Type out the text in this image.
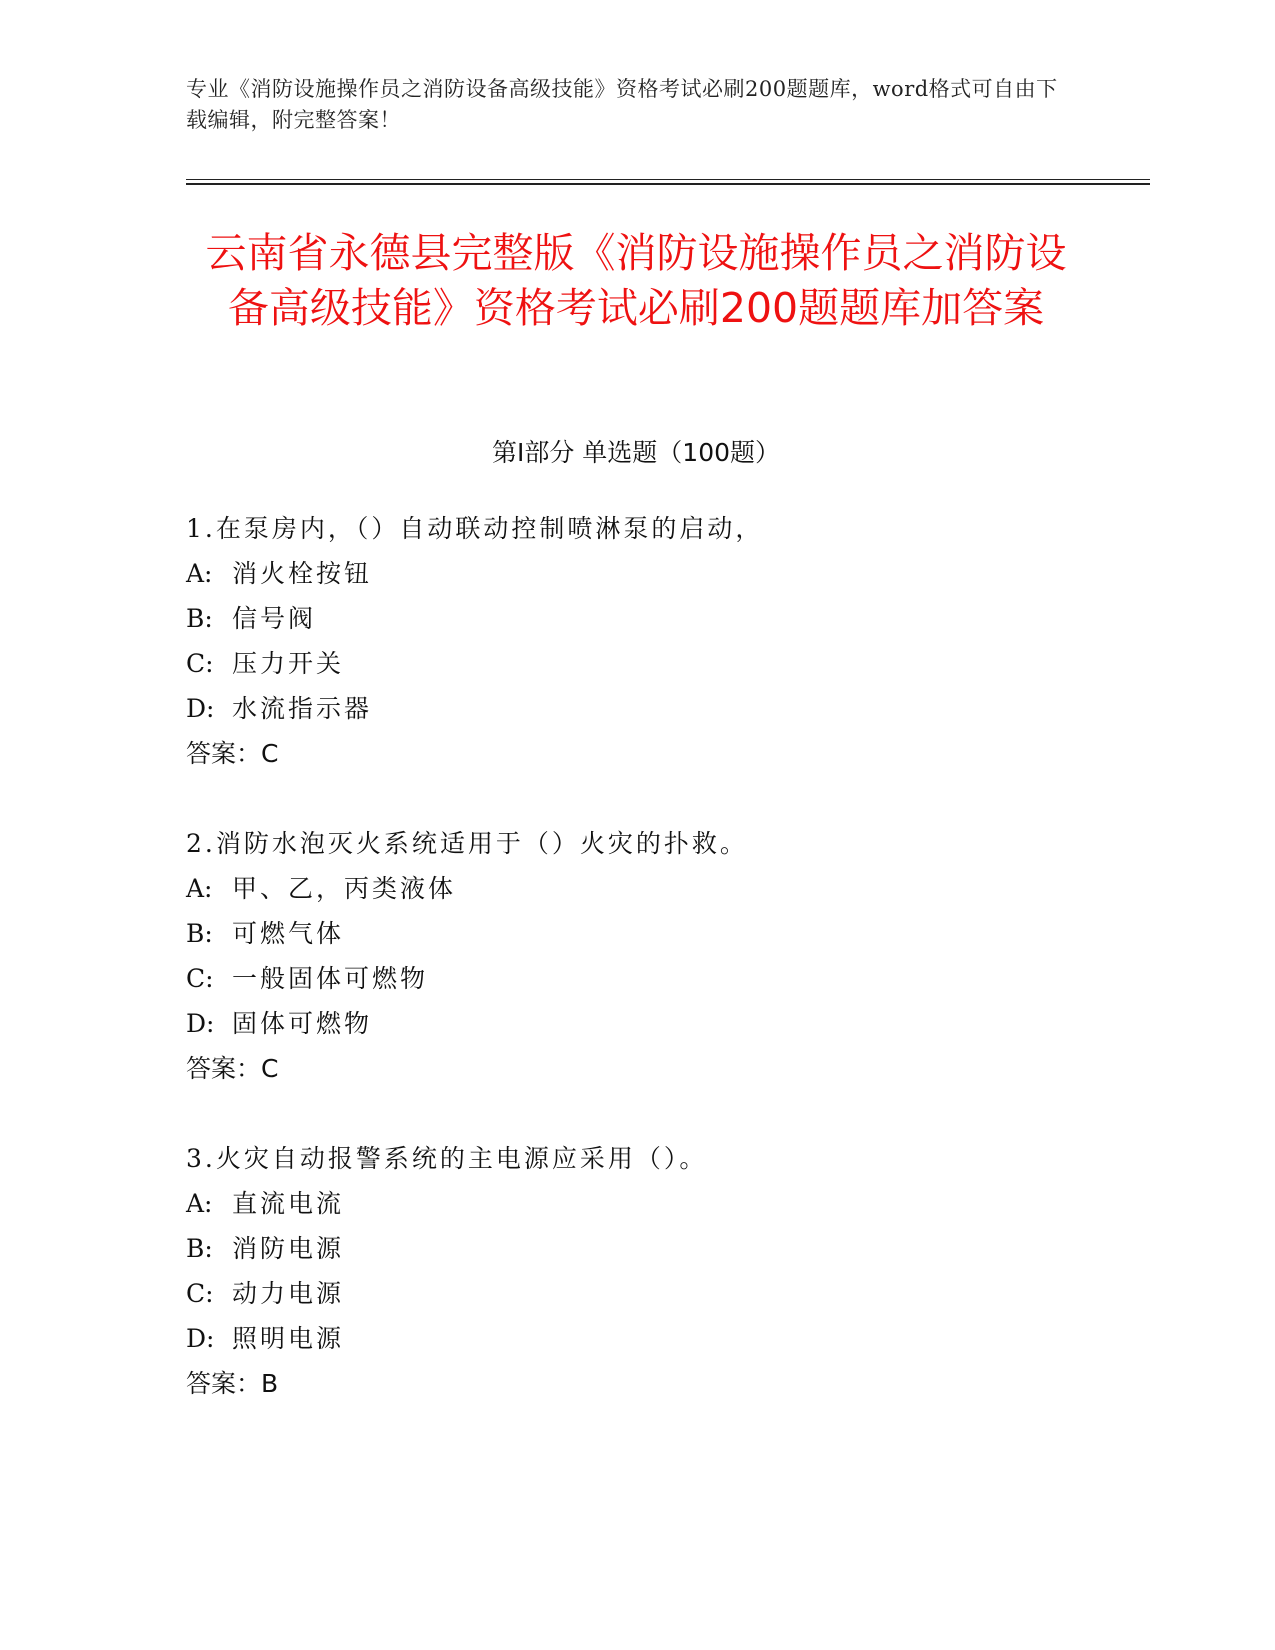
专业《消防设施操作员之消防设备高级技能》资格考试必刷200题题库，word格式可自由下载编辑，附完整答案！
云南省永德县完整版《消防设施操作员之消防设备高级技能》资格考试必刷200题题库加答案
第Ⅰ部分 单选题（100题）
1.在泵房内，（）自动联动控制喷淋泵的启动，
A: 消火栓按钮
B: 信号阀
C: 压力开关
D: 水流指示器
答案：C
2.消防水泡灭火系统适用于（）火灾的扑救。
A: 甲、乙，丙类液体
B: 可燃气体
C: 一般固体可燃物
D: 固体可燃物
答案：C
3.火灾自动报警系统的主电源应采用（）。
A: 直流电流
B: 消防电源
C: 动力电源
D: 照明电源
答案：B
